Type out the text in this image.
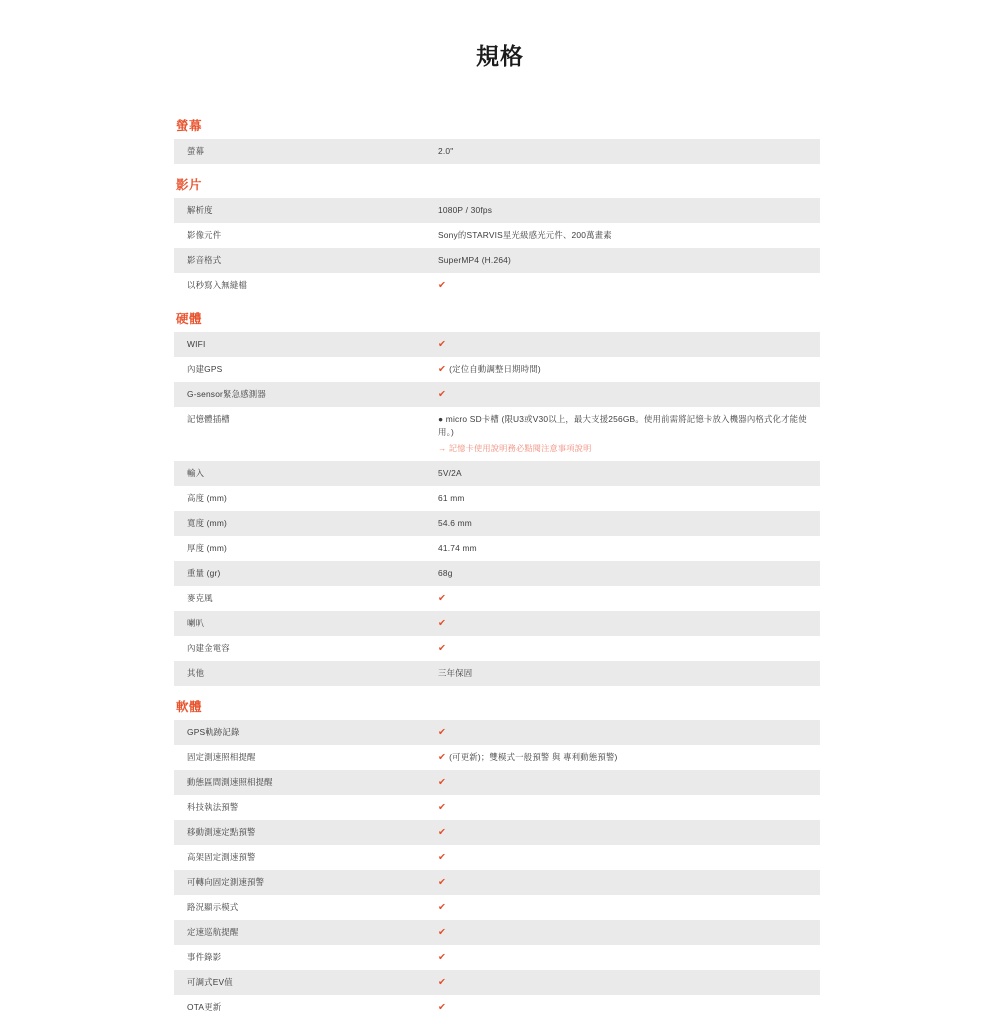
規格
螢幕
螢幕	2.0"
影片
解析度	1080P / 30fps
影像元件	Sony的STARVIS星光級感光元件、200萬畫素
影音格式	SuperMP4 (H.264)
以秒寫入無縫檔	✔
硬體
WIFI	✔
內建GPS	✔ (定位自動調整日期時間)
G-sensor緊急感測器	✔
記憶體插槽	● micro SD卡槽 (限U3或V30以上，最大支援256GB。使用前需將記憶卡放入機器內格式化才能使用。)
→ 記憶卡使用說明務必點閱注意事項說明
輸入	5V/2A
高度 (mm)	61 mm
寬度 (mm)	54.6 mm
厚度 (mm)	41.74 mm
重量 (gr)	68g
麥克風	✔
喇叭	✔
內建金電容	✔
其他	三年保固
軟體
GPS軌跡記錄	✔
固定測速照相提醒	✔ (可更新)；雙模式一般預警 與 專利動態預警)
動態區間測速照相提醒	✔
科技執法預警	✔
移動測速定點預警	✔
高架固定測速預警	✔
可轉向固定測速預警	✔
路況顯示模式	✔
定速巡航提醒	✔
事件錄影	✔
可調式EV值	✔
OTA更新	✔
